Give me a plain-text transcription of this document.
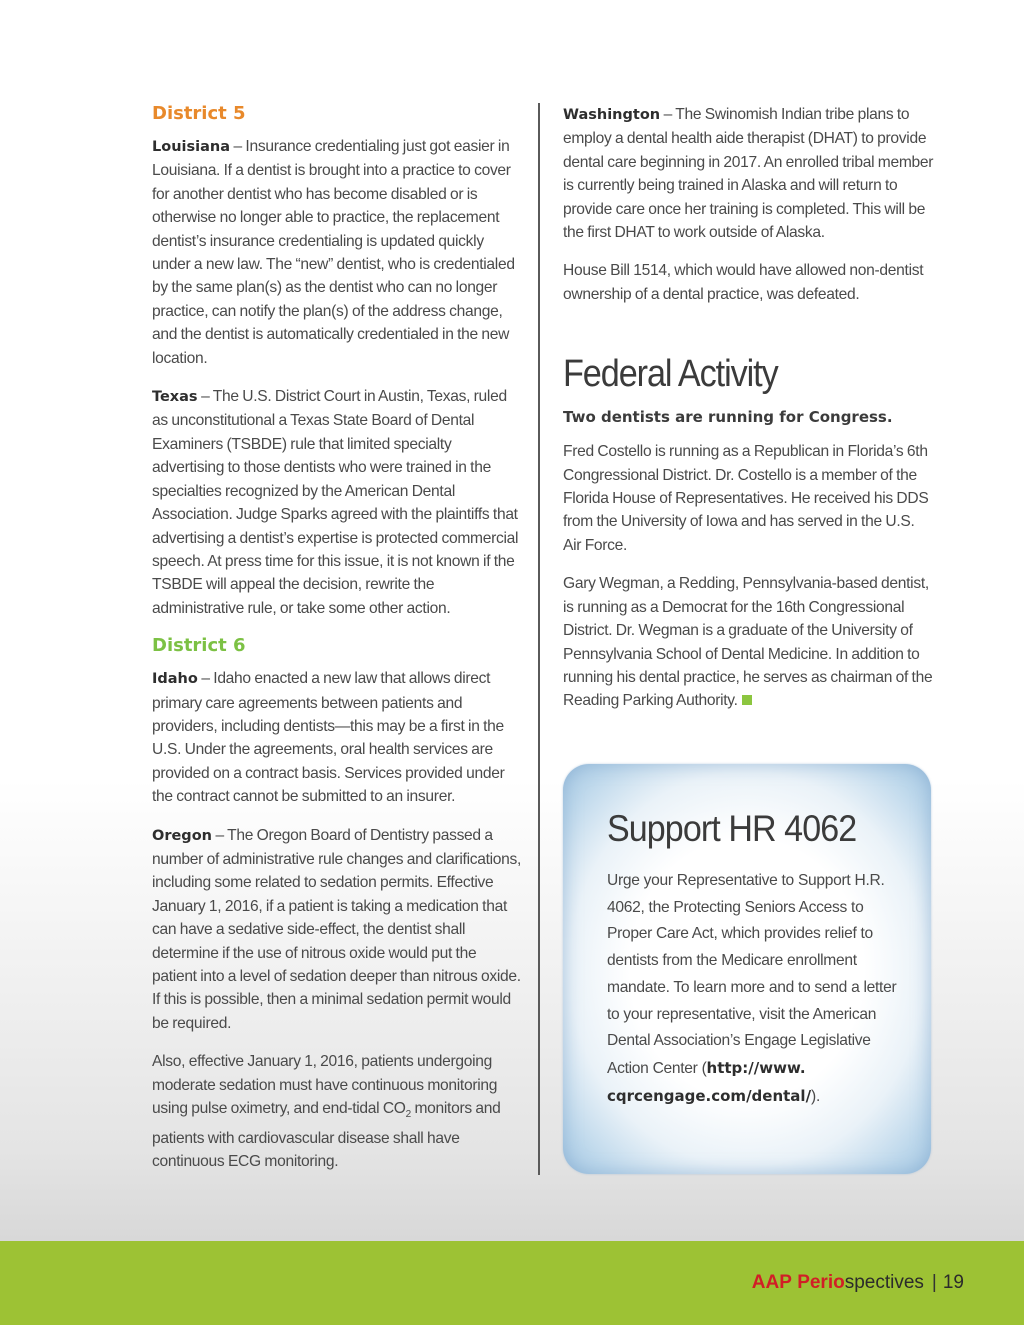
District 5

Louisiana – Insurance credentialing just got easier in Louisiana. If a dentist is brought into a practice to cover for another dentist who has become disabled or is otherwise no longer able to practice, the replacement dentist’s insurance credentialing is updated quickly under a new law. The “new” dentist, who is credentialed by the same plan(s) as the dentist who can no longer practice, can notify the plan(s) of the address change, and the dentist is automatically credentialed in the new location.

Texas – The U.S. District Court in Austin, Texas, ruled as unconstitutional a Texas State Board of Dental Examiners (TSBDE) rule that limited specialty advertising to those dentists who were trained in the specialties recognized by the American Dental Association. Judge Sparks agreed with the plaintiffs that advertising a dentist’s expertise is protected commercial speech. At press time for this issue, it is not known if the TSBDE will appeal the decision, rewrite the administrative rule, or take some other action.

District 6

Idaho – Idaho enacted a new law that allows direct primary care agreements between patients and providers, including dentists—this may be a first in the U.S. Under the agreements, oral health services are provided on a contract basis. Services provided under the contract cannot be submitted to an insurer.

Oregon – The Oregon Board of Dentistry passed a number of administrative rule changes and clarifications, including some related to sedation permits. Effective January 1, 2016, if a patient is taking a medication that can have a sedative side-effect, the dentist shall determine if the use of nitrous oxide would put the patient into a level of sedation deeper than nitrous oxide. If this is possible, then a minimal sedation permit would be required.

Also, effective January 1, 2016, patients undergoing moderate sedation must have continuous monitoring using pulse oximetry, and end-tidal $CO_2$ monitors and patients with cardiovascular disease shall have continuous ECG monitoring.

Washington – The Swinomish Indian tribe plans to employ a dental health aide therapist (DHAT) to provide dental care beginning in 2017. An enrolled tribal member is currently being trained in Alaska and will return to provide care once her training is completed. This will be the first DHAT to work outside of Alaska.

House Bill 1514, which would have allowed non-dentist ownership of a dental practice, was defeated.

Federal Activity

Two dentists are running for Congress.

Fred Costello is running as a Republican in Florida’s 6th Congressional District. Dr. Costello is a member of the Florida House of Representatives. He received his DDS from the University of Iowa and has served in the U.S. Air Force.

Gary Wegman, a Redding, Pennsylvania-based dentist, is running as a Democrat for the 16th Congressional District. Dr. Wegman is a graduate of the University of Pennsylvania School of Dental Medicine. In addition to running his dental practice, he serves as chairman of the Reading Parking Authority.

Support HR 4062

Urge your Representative to Support H.R. 4062, the Protecting Seniors Access to Proper Care Act, which provides relief to dentists from the Medicare enrollment mandate. To learn more and to send a letter to your representative, visit the American Dental Association’s Engage Legislative Action Center (http://www. cqrcengage.com/dental/).

AAP Periospectives | 19
